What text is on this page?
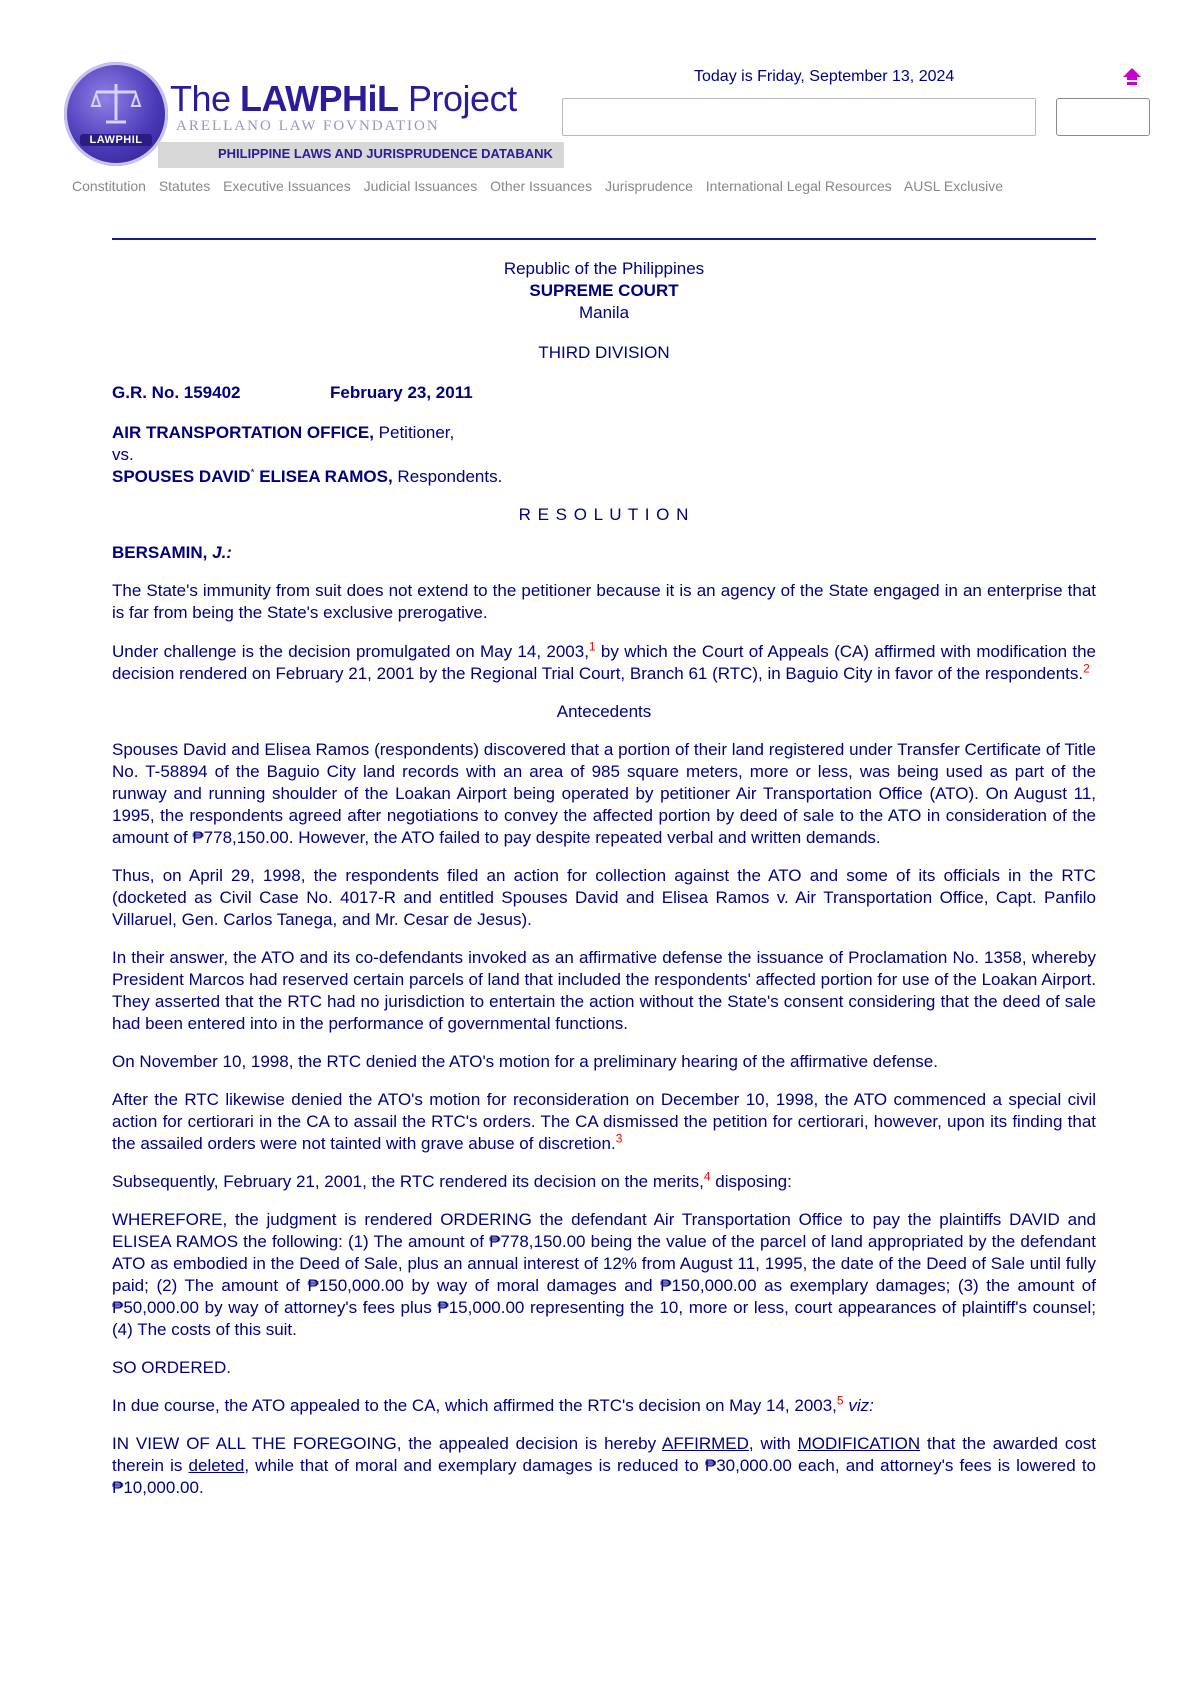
LAWPHIL
The LAWPHiL Project
ARELLANO LAW FOVNDATION
PHILIPPINE LAWS AND JURISPRUDENCE DATABANK
Today is Friday, September 13, 2024
Constitution Statutes Executive Issuances Judicial Issuances Other Issuances Jurisprudence International Legal Resources AUSL Exclusive
Republic of the Philippines
SUPREME COURT
Manila
THIRD DIVISION
G.R. No. 159402	February 23, 2011
AIR TRANSPORTATION OFFICE, Petitioner,
vs.
SPOUSES DAVID* ELISEA RAMOS, Respondents.
R E S O L U T I O N
BERSAMIN, J.:

The State's immunity from suit does not extend to the petitioner because it is an agency of the State engaged in an enterprise that is far from being the State's exclusive prerogative.

Under challenge is the decision promulgated on May 14, 2003,$^1$ by which the Court of Appeals (CA) affirmed with modification the decision rendered on February 21, 2001 by the Regional Trial Court, Branch 61 (RTC), in Baguio City in favor of the respondents.$^2$

Antecedents

Spouses David and Elisea Ramos (respondents) discovered that a portion of their land registered under Transfer Certificate of Title No. T-58894 of the Baguio City land records with an area of 985 square meters, more or less, was being used as part of the runway and running shoulder of the Loakan Airport being operated by petitioner Air Transportation Office (ATO). On August 11, 1995, the respondents agreed after negotiations to convey the affected portion by deed of sale to the ATO in consideration of the amount of ₱778,150.00. However, the ATO failed to pay despite repeated verbal and written demands.

Thus, on April 29, 1998, the respondents filed an action for collection against the ATO and some of its officials in the RTC (docketed as Civil Case No. 4017-R and entitled Spouses David and Elisea Ramos v. Air Transportation Office, Capt. Panfilo Villaruel, Gen. Carlos Tanega, and Mr. Cesar de Jesus).

In their answer, the ATO and its co-defendants invoked as an affirmative defense the issuance of Proclamation No. 1358, whereby President Marcos had reserved certain parcels of land that included the respondents' affected portion for use of the Loakan Airport. They asserted that the RTC had no jurisdiction to entertain the action without the State's consent considering that the deed of sale had been entered into in the performance of governmental functions.

On November 10, 1998, the RTC denied the ATO's motion for a preliminary hearing of the affirmative defense.

After the RTC likewise denied the ATO's motion for reconsideration on December 10, 1998, the ATO commenced a special civil action for certiorari in the CA to assail the RTC's orders. The CA dismissed the petition for certiorari, however, upon its finding that the assailed orders were not tainted with grave abuse of discretion.$^3$

Subsequently, February 21, 2001, the RTC rendered its decision on the merits,$^4$ disposing:

WHEREFORE, the judgment is rendered ORDERING the defendant Air Transportation Office to pay the plaintiffs DAVID and ELISEA RAMOS the following: (1) The amount of ₱778,150.00 being the value of the parcel of land appropriated by the defendant ATO as embodied in the Deed of Sale, plus an annual interest of 12% from August 11, 1995, the date of the Deed of Sale until fully paid; (2) The amount of ₱150,000.00 by way of moral damages and ₱150,000.00 as exemplary damages; (3) the amount of ₱50,000.00 by way of attorney's fees plus ₱15,000.00 representing the 10, more or less, court appearances of plaintiff's counsel; (4) The costs of this suit.

SO ORDERED.

In due course, the ATO appealed to the CA, which affirmed the RTC's decision on May 14, 2003,$^5$ viz:

IN VIEW OF ALL THE FOREGOING, the appealed decision is hereby AFFIRMED, with MODIFICATION that the awarded cost therein is deleted, while that of moral and exemplary damages is reduced to ₱30,000.00 each, and attorney's fees is lowered to ₱10,000.00.
